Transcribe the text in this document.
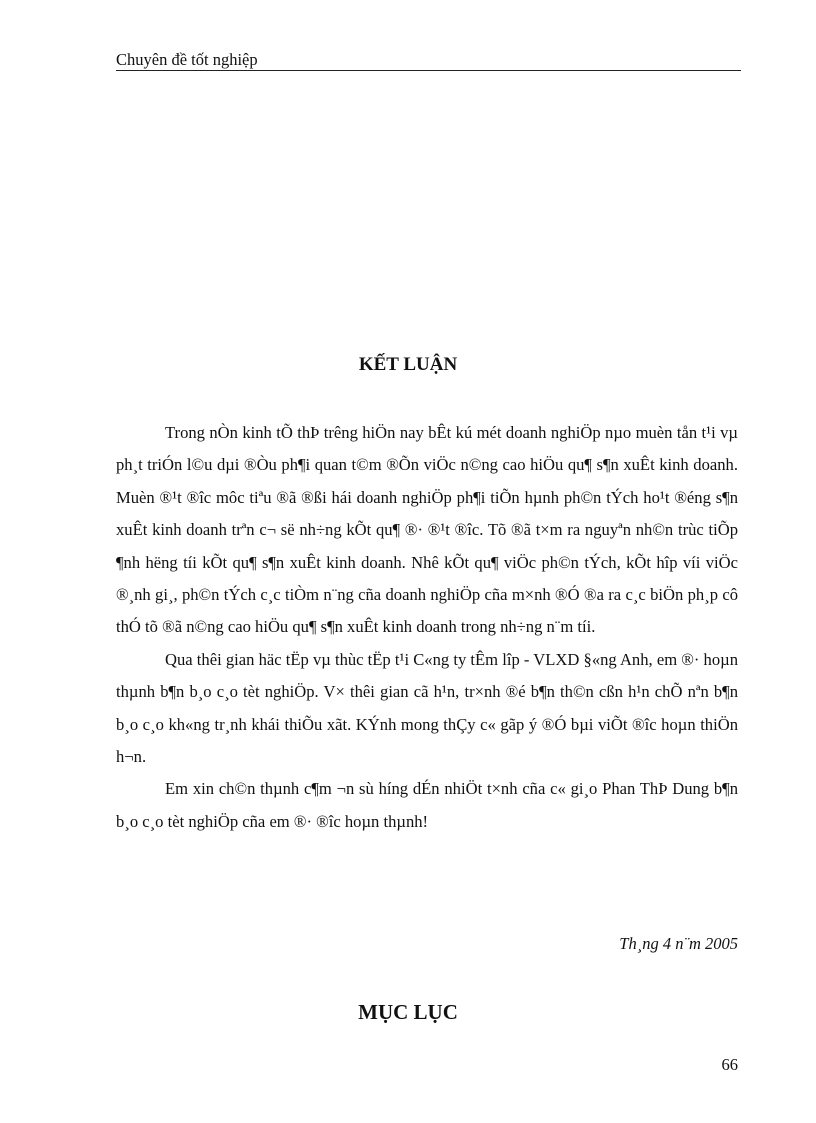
Chuyên đề tốt nghiệp
KẾT LUẬN

Trong nÒn kinh tÕ thÞ trêng hiÖn nay bÊt kú mét doanh nghiÖp nµo muèn tån t¹i vµ ph¸t triÓn l©u dµi ®Òu ph¶i quan t©m ®Õn viÖc n©ng cao hiÖu qu¶ s¶n xuÊt kinh doanh. Muèn ®¹t ®îc môc tiªu ®ã ®ßi hái doanh nghiÖp ph¶i tiÕn hµnh ph©n tÝch ho¹t ®éng s¶n xuÊt kinh doanh trªn c¬ së nh÷ng kÕt qu¶ ®· ®¹t ®îc. Tõ ®ã t×m ra nguyªn nh©n trùc tiÕp ¶nh hëng tíi kÕt qu¶ s¶n xuÊt kinh doanh. Nhê kÕt qu¶ viÖc ph©n tÝch, kÕt hîp víi viÖc ®¸nh gi¸, ph©n tÝch c¸c tiÒm n¨ng cña doanh nghiÖp cña m×nh ®Ó ®a ra c¸c biÖn ph¸p cô thÓ tõ ®ã n©ng cao hiÖu qu¶ s¶n xuÊt kinh doanh trong nh÷ng n¨m tíi.

Qua thêi gian häc tËp vµ thùc tËp t¹i C«ng ty tÊm lîp - VLXD §«ng Anh, em ®· hoµn thµnh b¶n b¸o c¸o tèt nghiÖp. V× thêi gian cã h¹n, tr×nh ®é b¶n th©n cßn h¹n chÕ nªn b¶n b¸o c¸o kh«ng tr¸nh khái thiÕu xãt. KÝnh mong thÇy c« gãp ý ®Ó bµi viÕt ®îc hoµn thiÖn h¬n.

Em xin ch©n thµnh c¶m ¬n sù híng dÉn nhiÖt t×nh cña c« gi¸o Phan ThÞ Dung b¶n b¸o c¸o tèt nghiÖp cña em ®· ®îc hoµn thµnh!

Th¸ng 4 n¨m 2005
MỤC LỤC
66
